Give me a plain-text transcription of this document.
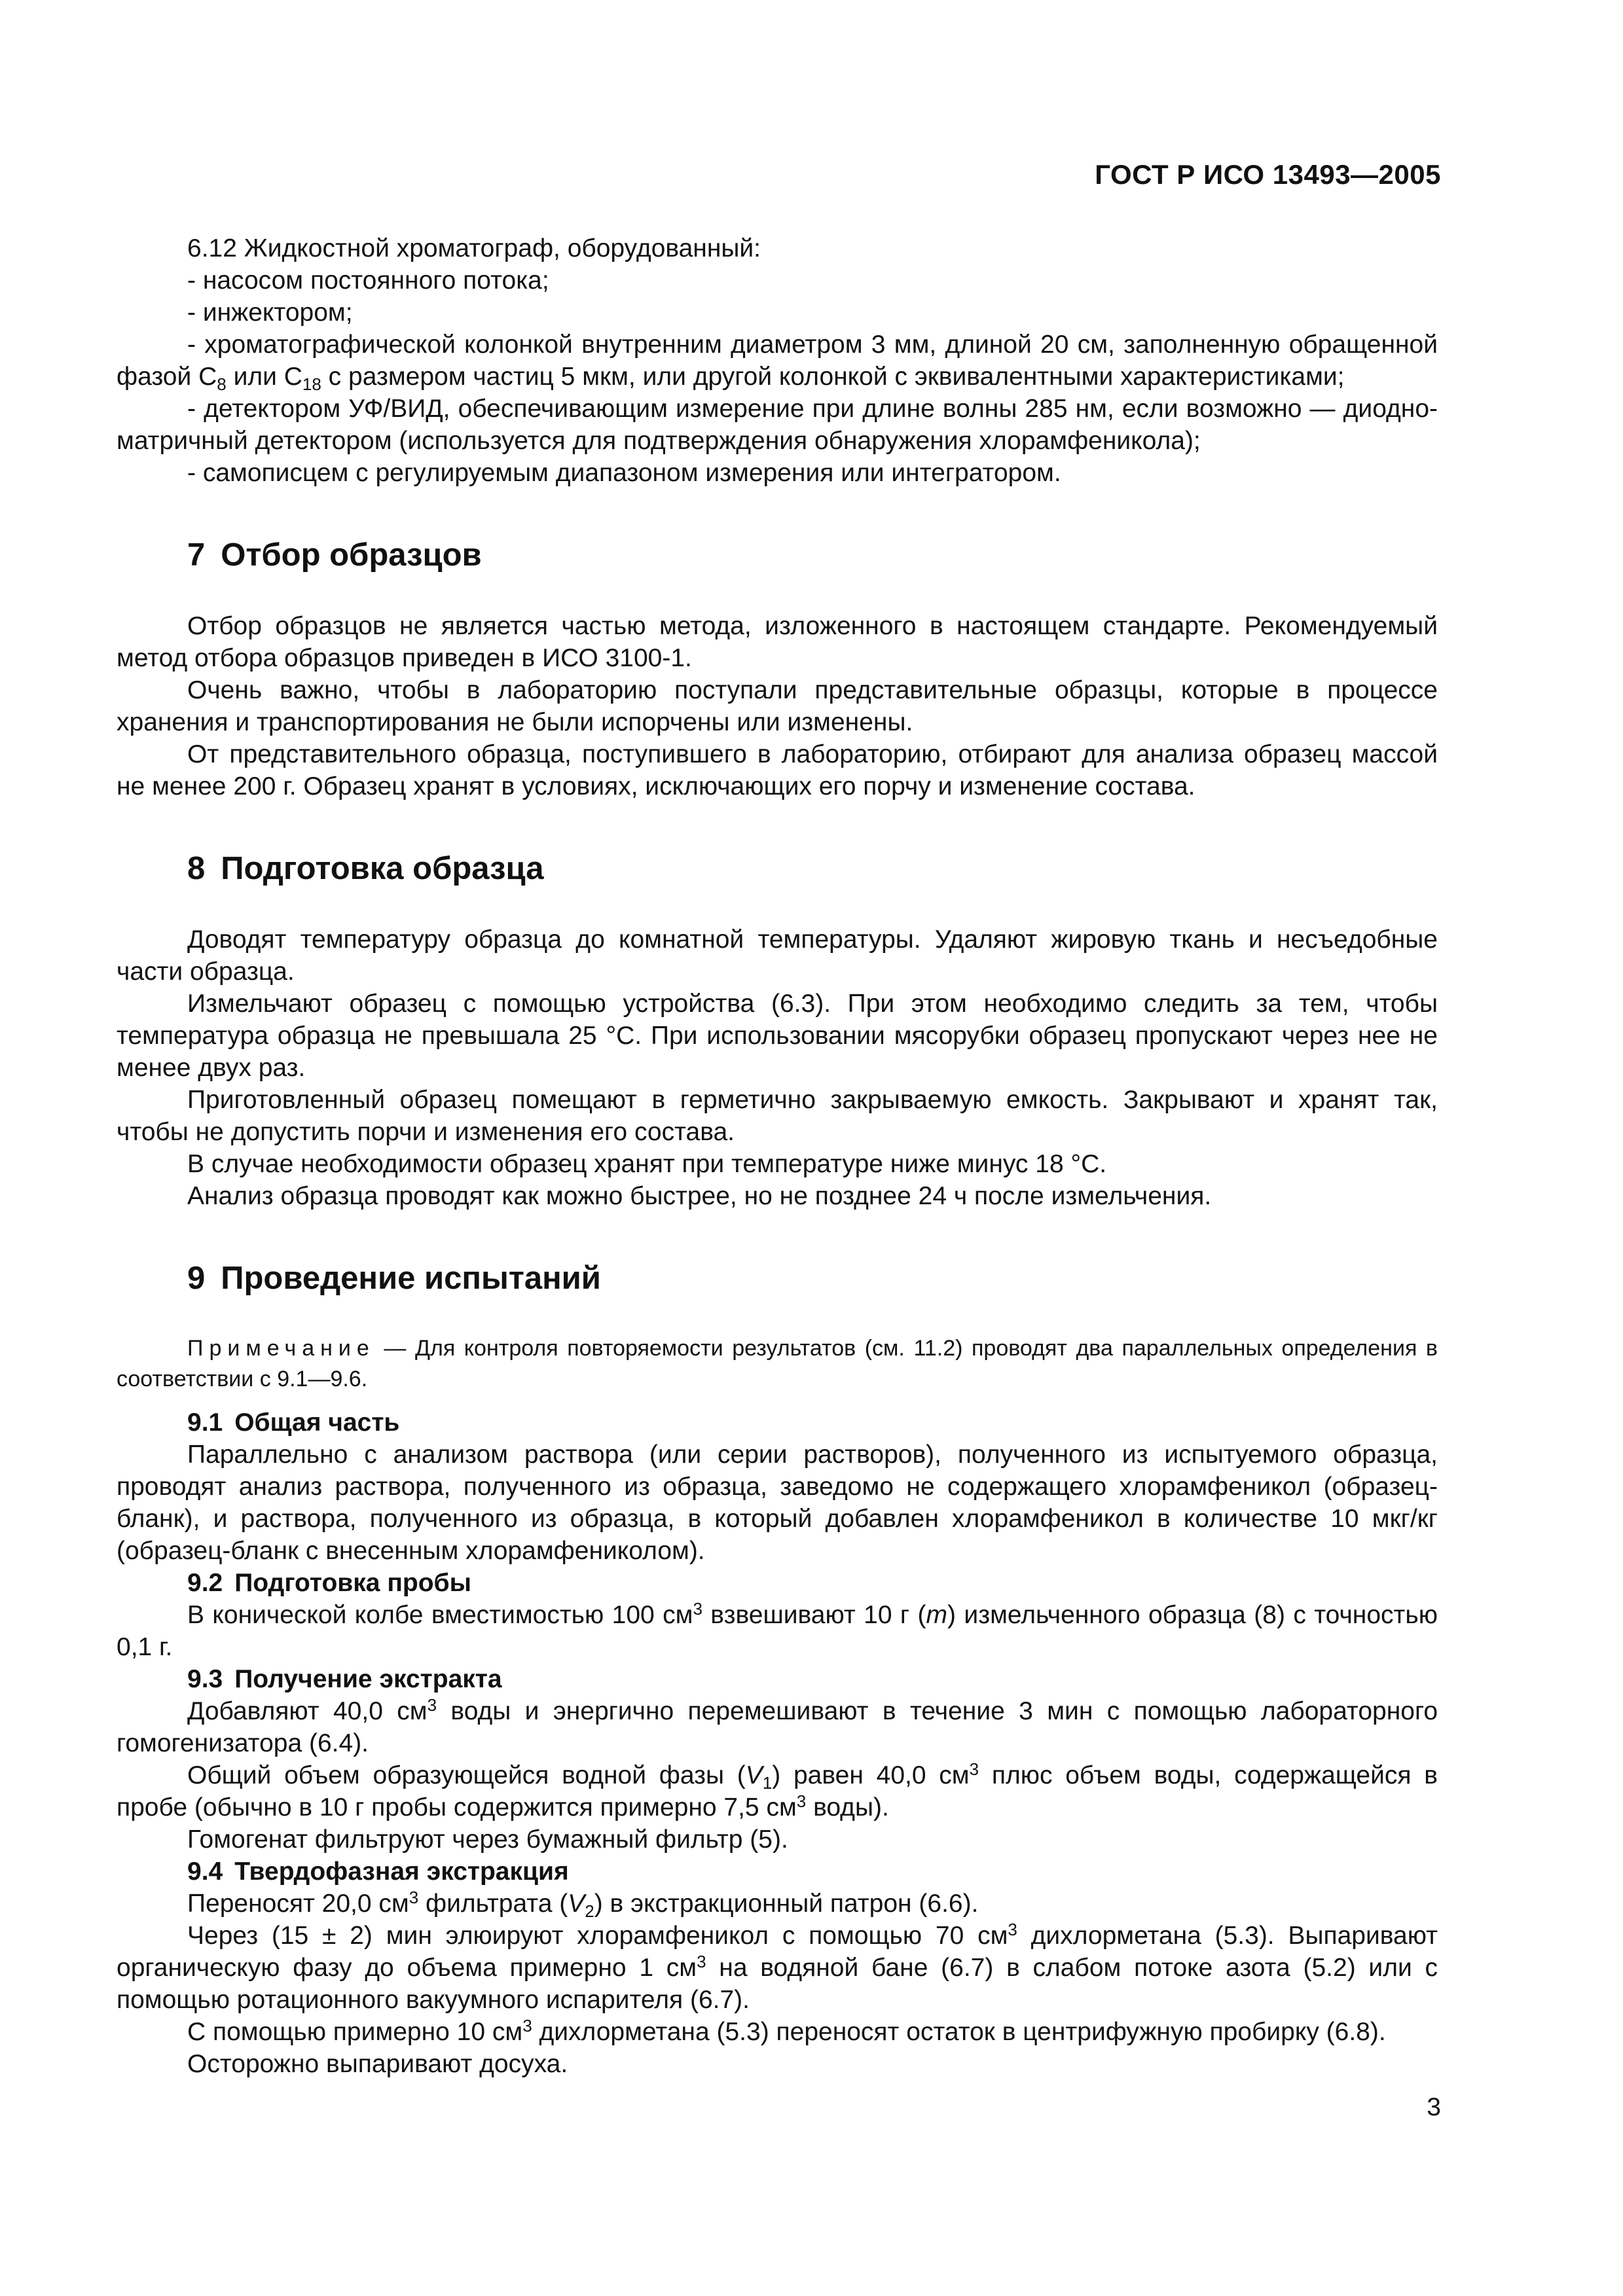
ГОСТ Р ИСО 13493—2005

6.12 Жидкостной хроматограф, оборудованный:

- насосом постоянного потока;

- инжектором;

- хроматографической колонкой внутренним диаметром 3 мм, длиной 20 см, заполненную обращенной фазой $C_8$ или $C_{18}$ с размером частиц 5 мкм, или другой колонкой с эквивалентными характеристиками;

- детектором УФ/ВИД, обеспечивающим измерение при длине волны 285 нм, если возможно — диодно-матричный детектором (используется для подтверждения обнаружения хлорамфеникола);

- самописцем с регулируемым диапазоном измерения или интегратором.

7 Отбор образцов

Отбор образцов не является частью метода, изложенного в настоящем стандарте. Рекомендуемый метод отбора образцов приведен в ИСО 3100-1.

Очень важно, чтобы в лабораторию поступали представительные образцы, которые в процессе хранения и транспортирования не были испорчены или изменены.

От представительного образца, поступившего в лабораторию, отбирают для анализа образец массой не менее 200 г. Образец хранят в условиях, исключающих его порчу и изменение состава.

8 Подготовка образца

Доводят температуру образца до комнатной температуры. Удаляют жировую ткань и несъедобные части образца.

Измельчают образец с помощью устройства (6.3). При этом необходимо следить за тем, чтобы температура образца не превышала 25 °С. При использовании мясорубки образец пропускают через нее не менее двух раз.

Приготовленный образец помещают в герметично закрываемую емкость. Закрывают и хранят так, чтобы не допустить порчи и изменения его состава.

В случае необходимости образец хранят при температуре ниже минус 18 °С.

Анализ образца проводят как можно быстрее, но не позднее 24 ч после измельчения.

9 Проведение испытаний

Примечание — Для контроля повторяемости результатов (см. 11.2) проводят два параллельных определения в соответствии с 9.1—9.6.

9.1 Общая часть

Параллельно с анализом раствора (или серии растворов), полученного из испытуемого образца, проводят анализ раствора, полученного из образца, заведомо не содержащего хлорамфеникол (образец-бланк), и раствора, полученного из образца, в который добавлен хлорамфеникол в количестве 10 мкг/кг (образец-бланк с внесенным хлорамфениколом).

9.2 Подготовка пробы

В конической колбе вместимостью 100 $см^3$ взвешивают 10 г (m) измельченного образца (8) с точностью 0,1 г.

9.3 Получение экстракта

Добавляют 40,0 $см^3$ воды и энергично перемешивают в течение 3 мин с помощью лабораторного гомогенизатора (6.4).

Общий объем образующейся водной фазы $(V_1)$ равен 40,0 $см^3$ плюс объем воды, содержащейся в пробе (обычно в 10 г пробы содержится примерно 7,5 $см^3$ воды).

Гомогенат фильтруют через бумажный фильтр (5).

9.4 Твердофазная экстракция

Переносят 20,0 $см^3$ фильтрата $(V_2)$ в экстракционный патрон (6.6).

Через (15 ± 2) мин элюируют хлорамфеникол с помощью 70 $см^3$ дихлорметана (5.3). Выпаривают органическую фазу до объема примерно 1 $см^3$ на водяной бане (6.7) в слабом потоке азота (5.2) или с помощью ротационного вакуумного испарителя (6.7).

С помощью примерно 10 $см^3$ дихлорметана (5.3) переносят остаток в центрифужную пробирку (6.8).

Осторожно выпаривают досуха.

3
